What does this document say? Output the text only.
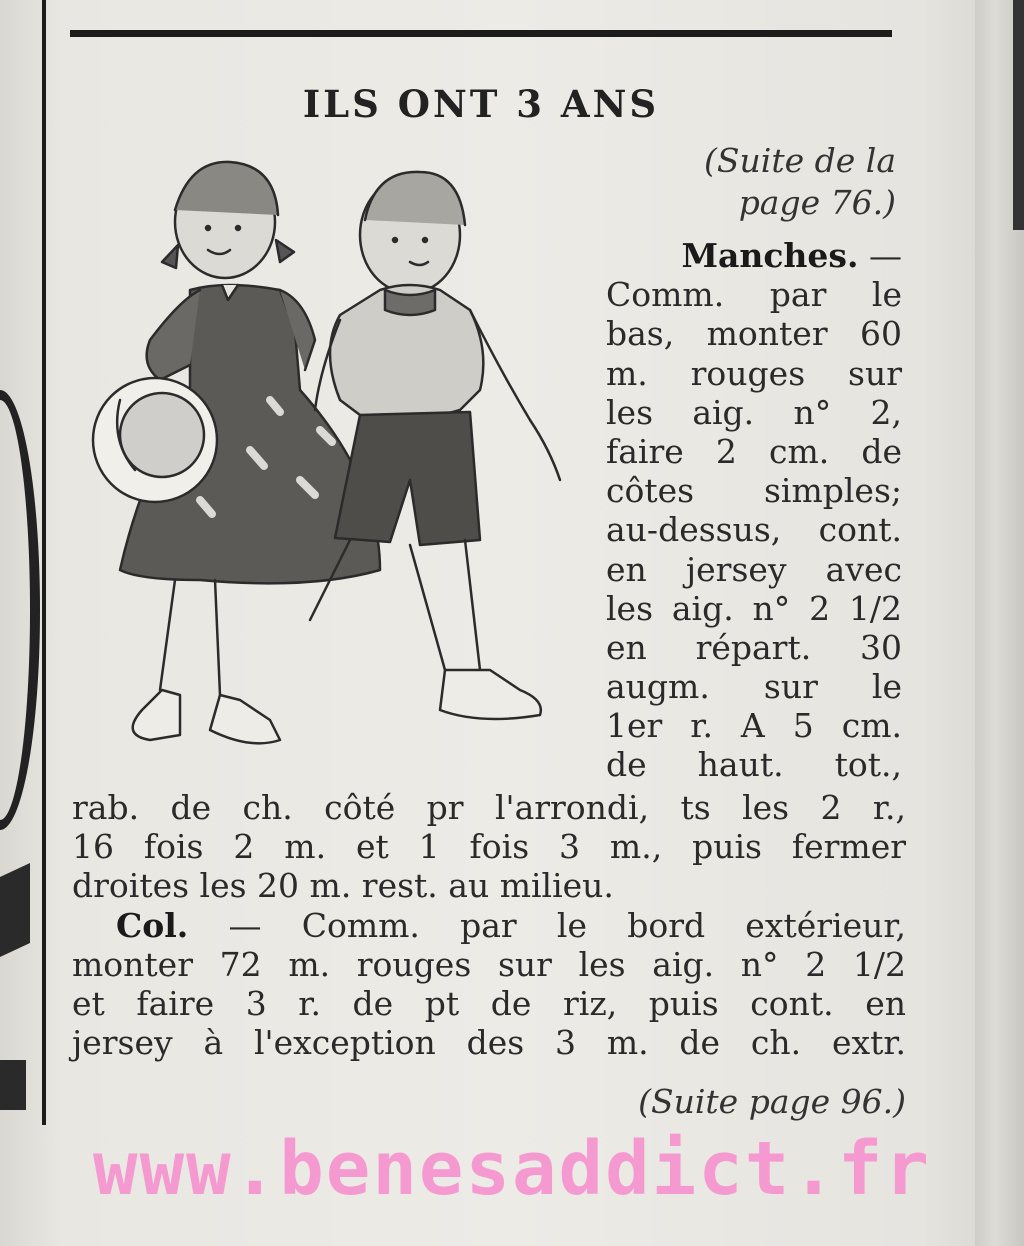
ILS ONT 3 ANS
(Suite de la
page 76.)
Manches. —
Comm. par le
bas, monter 60
m. rouges sur
les aig. n° 2,
faire 2 cm. de
côtes simples;
au-dessus, cont.
en jersey avec
les aig. n° 2 1/2
en répart. 30
augm. sur le
1er r. A 5 cm.
de haut. tot.,
rab. de ch. côté pr l'arrondi, ts les 2 r.,
16 fois 2 m. et 1 fois 3 m., puis fermer
droites les 20 m. rest. au milieu.
Col. — Comm. par le bord extérieur,
monter 72 m. rouges sur les aig. n° 2 1/2
et faire 3 r. de pt de riz, puis cont. en
jersey à l'exception des 3 m. de ch. extr.
(Suite page 96.)
www.benesaddict.fr
